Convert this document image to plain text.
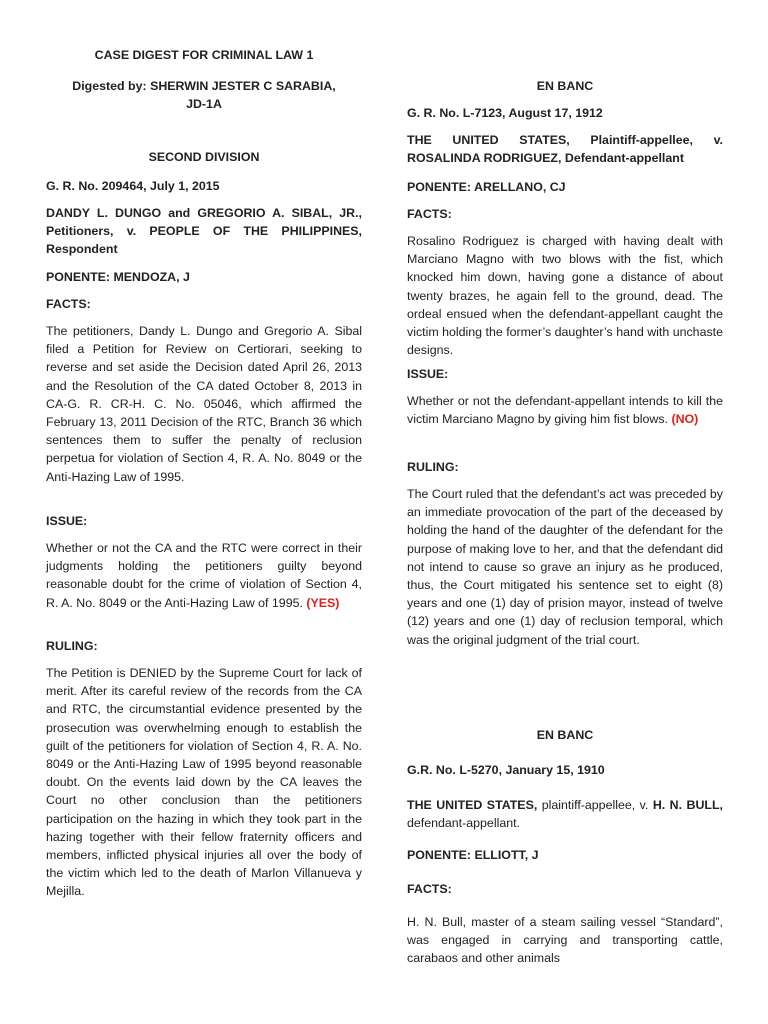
CASE DIGEST FOR CRIMINAL LAW 1
Digested by: SHERWIN JESTER C SARABIA,
JD-1A
SECOND DIVISION
G. R. No. 209464, July 1, 2015
DANDY L. DUNGO and GREGORIO A. SIBAL, JR., Petitioners, v. PEOPLE OF THE PHILIPPINES, Respondent
PONENTE: MENDOZA, J
FACTS:
The petitioners, Dandy L. Dungo and Gregorio A. Sibal filed a Petition for Review on Certiorari, seeking to reverse and set aside the Decision dated April 26, 2013 and the Resolution of the CA dated October 8, 2013 in CA-G. R. CR-H. C. No. 05046, which affirmed the February 13, 2011 Decision of the RTC, Branch 36 which sentences them to suffer the penalty of reclusion perpetua for violation of Section 4, R. A. No. 8049 or the Anti-Hazing Law of 1995.
ISSUE:
Whether or not the CA and the RTC were correct in their judgments holding the petitioners guilty beyond reasonable doubt for the crime of violation of Section 4, R. A. No. 8049 or the Anti-Hazing Law of 1995. (YES)
RULING:
The Petition is DENIED by the Supreme Court for lack of merit. After its careful review of the records from the CA and RTC, the circumstantial evidence presented by the prosecution was overwhelming enough to establish the guilt of the petitioners for violation of Section 4, R. A. No. 8049 or the Anti-Hazing Law of 1995 beyond reasonable doubt. On the events laid down by the CA leaves the Court no other conclusion than the petitioners participation on the hazing in which they took part in the hazing together with their fellow fraternity officers and members, inflicted physical injuries all over the body of the victim which led to the death of Marlon Villanueva y Mejilla.
EN BANC
G. R. No. L-7123, August 17, 1912
THE UNITED STATES, Plaintiff-appellee, v. ROSALINDA RODRIGUEZ, Defendant-appellant
PONENTE: ARELLANO, CJ
FACTS:
Rosalino Rodriguez is charged with having dealt with Marciano Magno with two blows with the fist, which knocked him down, having gone a distance of about twenty brazes, he again fell to the ground, dead. The ordeal ensued when the defendant-appellant caught the victim holding the former’s daughter’s hand with unchaste designs.
ISSUE:
Whether or not the defendant-appellant intends to kill the victim Marciano Magno by giving him fist blows. (NO)
RULING:
The Court ruled that the defendant’s act was preceded by an immediate provocation of the part of the deceased by holding the hand of the daughter of the defendant for the purpose of making love to her, and that the defendant did not intend to cause so grave an injury as he produced, thus, the Court mitigated his sentence set to eight (8) years and one (1) day of prision mayor, instead of twelve (12) years and one (1) day of reclusion temporal, which was the original judgment of the trial court.
EN BANC
G.R. No. L-5270, January 15, 1910
THE UNITED STATES, plaintiff-appellee, v. H. N. BULL, defendant-appellant.
PONENTE: ELLIOTT, J
FACTS:
H. N. Bull, master of a steam sailing vessel “Standard”, was engaged in carrying and transporting cattle, carabaos and other animals
